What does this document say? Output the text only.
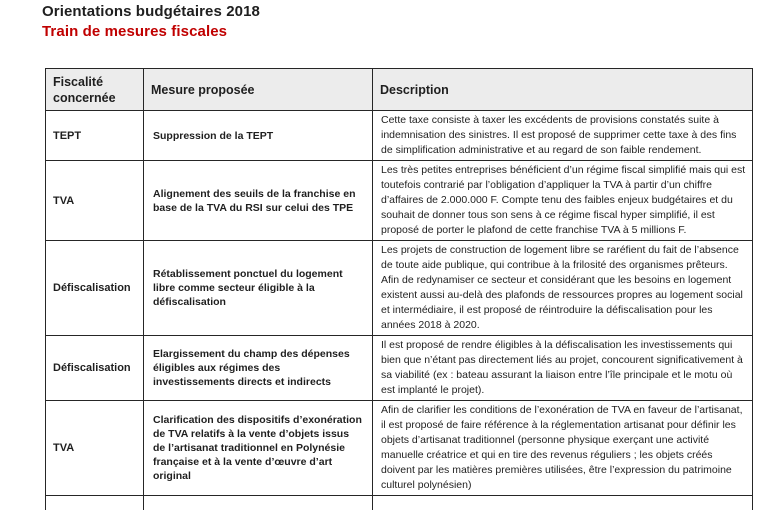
Orientations budgétaires 2018
Train de mesures fiscales
Fiscalité concernée	Mesure proposée	Description
TEPT	Suppression de la TEPT	Cette taxe consiste à taxer les excédents de provisions constatés suite à indemnisation des sinistres. Il est proposé de supprimer cette taxe à des fins de simplification administrative et au regard de son faible rendement.
TVA	Alignement des seuils de la franchise en base de la TVA du RSI sur celui des TPE	Les très petites entreprises bénéficient d’un régime fiscal simplifié mais qui est toutefois contrarié par l’obligation d’appliquer la TVA à partir d’un chiffre d’affaires de 2.000.000 F. Compte tenu des faibles enjeux budgétaires et du souhait de donner tous son sens à ce régime fiscal hyper simplifié, il est proposé de porter le plafond de cette franchise TVA à 5 millions F.
Défiscalisation	Rétablissement ponctuel du logement libre comme secteur éligible à la défiscalisation	Les projets de construction de logement libre se raréfient du fait de l’absence de toute aide publique, qui contribue à la frilosité des organismes prêteurs. Afin de redynamiser ce secteur et considérant que les besoins en logement existent aussi au-delà des plafonds de ressources propres au logement social et intermédiaire, il est proposé de réintroduire la défiscalisation pour les années 2018 à 2020.
Défiscalisation	Elargissement du champ des dépenses éligibles aux régimes des investissements directs et indirects	Il est proposé de rendre éligibles à la défiscalisation les investissements qui bien que n’étant pas directement liés au projet, concourent significativement à sa viabilité (ex : bateau assurant la liaison entre l’île principale et le motu où est implanté le projet).
TVA	Clarification des dispositifs d’exonération de TVA relatifs à la vente d’objets issus de l’artisanat traditionnel en Polynésie française et à la vente d’œuvre d’art original	Afin de clarifier les conditions de l’exonération de TVA en faveur de l’artisanat, il est proposé de faire référence à la réglementation artisanat pour définir les objets d’artisanat traditionnel (personne physique exerçant une activité manuelle créatrice et qui en tire des revenus réguliers ; les objets créés doivent par les matières premières utilisées, être l’expression du patrimoine culturel polynésien)
